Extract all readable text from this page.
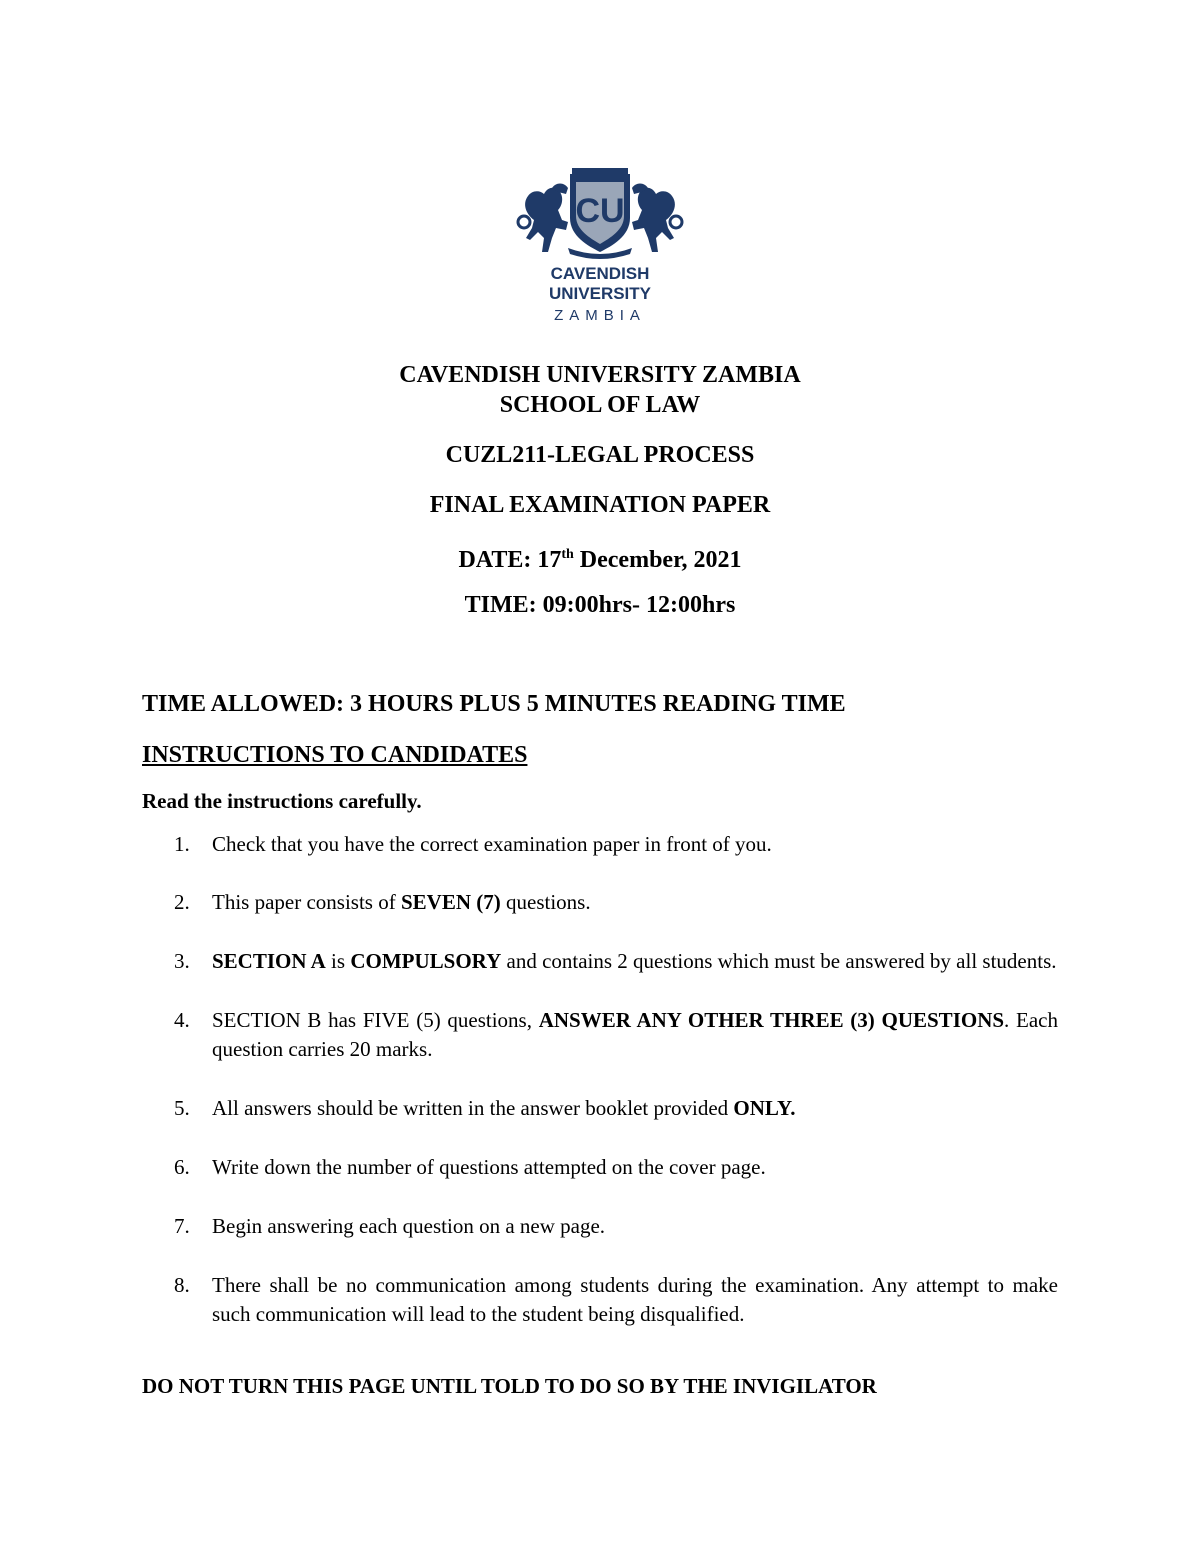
CU
CAVENDISH
UNIVERSITY
ZAMBIA
CAVENDISH UNIVERSITY ZAMBIA
SCHOOL OF LAW
CUZL211-LEGAL PROCESS
FINAL EXAMINATION PAPER
DATE: 17th December, 2021
TIME: 09:00hrs- 12:00hrs
TIME ALLOWED: 3 HOURS PLUS 5 MINUTES READING TIME
INSTRUCTIONS TO CANDIDATES
Read the instructions carefully.
1. Check that you have the correct examination paper in front of you.
2. This paper consists of SEVEN (7) questions.
3. SECTION A is COMPULSORY and contains 2 questions which must be answered by all students.
4. SECTION B has FIVE (5) questions, ANSWER ANY OTHER THREE (3) QUESTIONS. Each question carries 20 marks.
5. All answers should be written in the answer booklet provided ONLY.
6. Write down the number of questions attempted on the cover page.
7. Begin answering each question on a new page.
8. There shall be no communication among students during the examination. Any attempt to make such communication will lead to the student being disqualified.
DO NOT TURN THIS PAGE UNTIL TOLD TO DO SO BY THE INVIGILATOR
